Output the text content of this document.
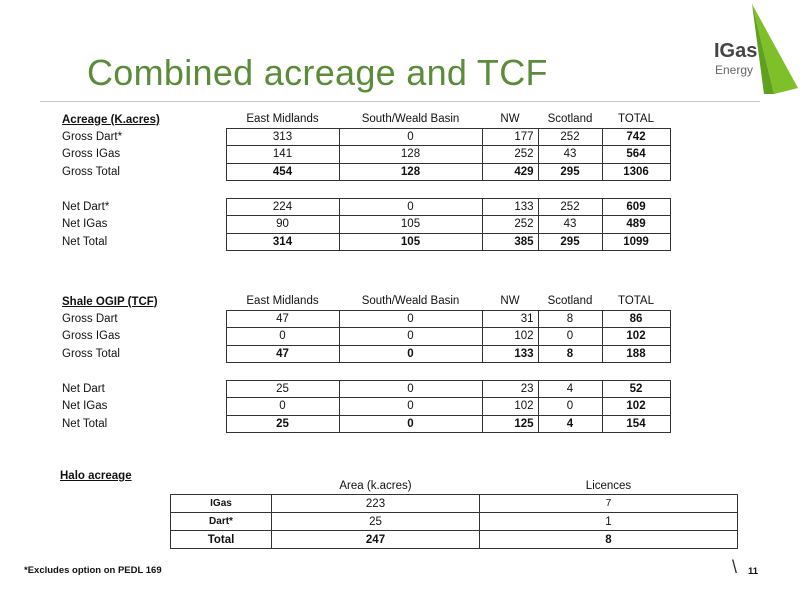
IGas
Energy
Combined acreage and TCF
Acreage (K.acres)	East Midlands	South/Weald Basin	NW	Scotland	TOTAL
Gross Dart*	313	0	177	252	742
Gross IGas	141	128	252	43	564
Gross Total	454	128	429	295	1306

Net Dart*	224	0	133	252	609
Net IGas	90	105	252	43	489
Net Total	314	105	385	295	1099
Shale OGIP (TCF)	East Midlands	South/Weald Basin	NW	Scotland	TOTAL
Gross Dart	47	0	31	8	86
Gross IGas	0	0	102	0	102
Gross Total	47	0	133	8	188

Net Dart	25	0	23	4	52
Net IGas	0	0	102	0	102
Net Total	25	0	125	4	154
Halo acreage
	Area (k.acres)	Licences
IGas	223	7
Dart*	25	1
Total	247	8
*Excludes option on PEDL 169	\ 11
